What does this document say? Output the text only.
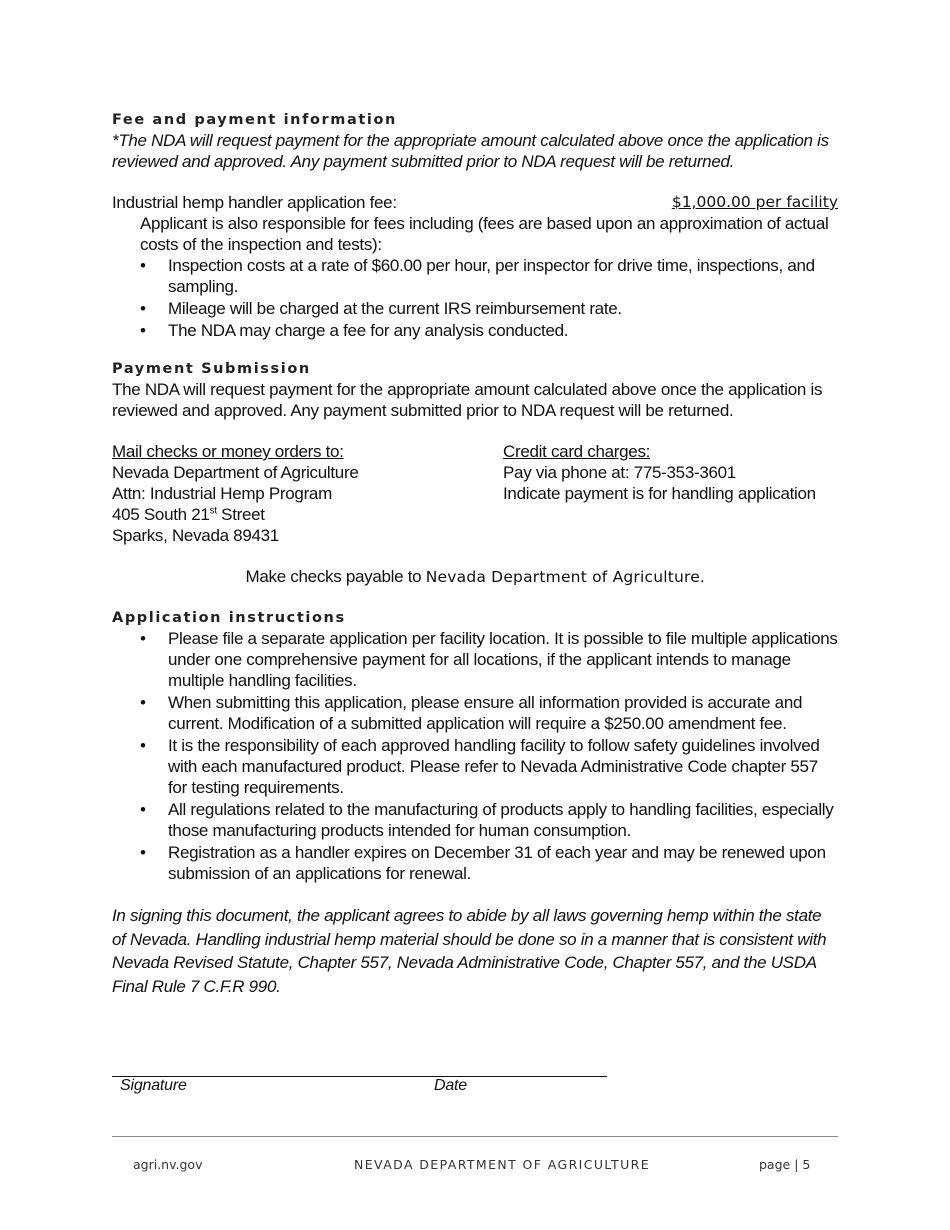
Fee and payment information

*The NDA will request payment for the appropriate amount calculated above once the application is reviewed and approved. Any payment submitted prior to NDA request will be returned.

Industrial hemp handler application fee:	$1,000.00 per facility

Applicant is also responsible for fees including (fees are based upon an approximation of actual costs of the inspection and tests):

• Inspection costs at a rate of $60.00 per hour, per inspector for drive time, inspections, and sampling.
• Mileage will be charged at the current IRS reimbursement rate.
• The NDA may charge a fee for any analysis conducted.
Payment Submission

The NDA will request payment for the appropriate amount calculated above once the application is reviewed and approved. Any payment submitted prior to NDA request will be returned.

Mail checks or money orders to:
Nevada Department of Agriculture
Attn: Industrial Hemp Program
405 South 21st Street
Sparks, Nevada 89431
Credit card charges:
Pay via phone at: 775-353-3601
Indicate payment is for handling application

Make checks payable to Nevada Department of Agriculture.

Application instructions
• Please file a separate application per facility location. It is possible to file multiple applications under one comprehensive payment for all locations, if the applicant intends to manage multiple handling facilities.
• When submitting this application, please ensure all information provided is accurate and current. Modification of a submitted application will require a $250.00 amendment fee.
• It is the responsibility of each approved handling facility to follow safety guidelines involved with each manufactured product. Please refer to Nevada Administrative Code chapter 557 for testing requirements.
• All regulations related to the manufacturing of products apply to handling facilities, especially those manufacturing products intended for human consumption.
• Registration as a handler expires on December 31 of each year and may be renewed upon submission of an applications for renewal.

In signing this document, the applicant agrees to abide by all laws governing hemp within the state of Nevada. Handling industrial hemp material should be done so in a manner that is consistent with Nevada Revised Statute, Chapter 557, Nevada Administrative Code, Chapter 557, and the USDA Final Rule 7 C.F.R 990.

Signature	Date
agri.nv.gov	NEVADA DEPARTMENT OF AGRICULTURE	page | 5
